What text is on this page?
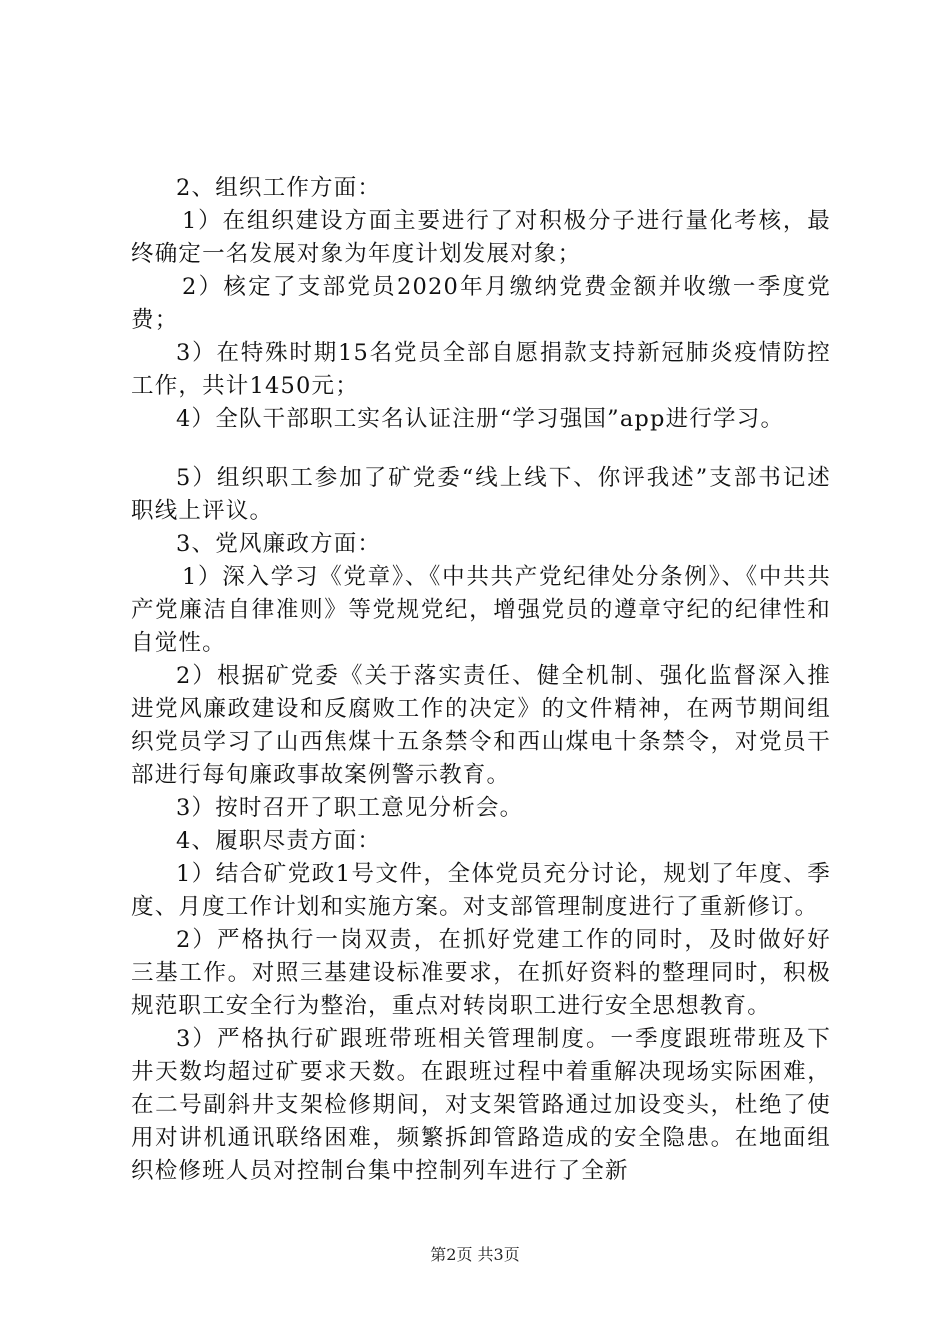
2、组织工作方面：

1）在组织建设方面主要进行了对积极分子进行量化考核，最终确定一名发展对象为年度计划发展对象；

2）核定了支部党员2020年月缴纳党费金额并收缴一季度党费；

3）在特殊时期15名党员全部自愿捐款支持新冠肺炎疫情防控工作，共计1450元；

4）全队干部职工实名认证注册“学习强国”app进行学习。

5）组织职工参加了矿党委“线上线下、你评我述”支部书记述职线上评议。

3、党风廉政方面：

1）深入学习《党章》、《中共共产党纪律处分条例》、《中共共产党廉洁自律准则》等党规党纪，增强党员的遵章守纪的纪律性和自觉性。

2）根据矿党委《关于落实责任、健全机制、强化监督深入推进党风廉政建设和反腐败工作的决定》的文件精神，在两节期间组织党员学习了山西焦煤十五条禁令和西山煤电十条禁令，对党员干部进行每旬廉政事故案例警示教育。

3）按时召开了职工意见分析会。

4、履职尽责方面：

1）结合矿党政1号文件，全体党员充分讨论，规划了年度、季度、月度工作计划和实施方案。对支部管理制度进行了重新修订。

2）严格执行一岗双责，在抓好党建工作的同时，及时做好好三基工作。对照三基建设标准要求，在抓好资料的整理同时，积极规范职工安全行为整治，重点对转岗职工进行安全思想教育。

3）严格执行矿跟班带班相关管理制度。一季度跟班带班及下井天数均超过矿要求天数。在跟班过程中着重解决现场实际困难，在二号副斜井支架检修期间，对支架管路通过加设变头，杜绝了使用对讲机通讯联络困难，频繁拆卸管路造成的安全隐患。在地面组织检修班人员对控制台集中控制列车进行了全新

第2页 共3页
